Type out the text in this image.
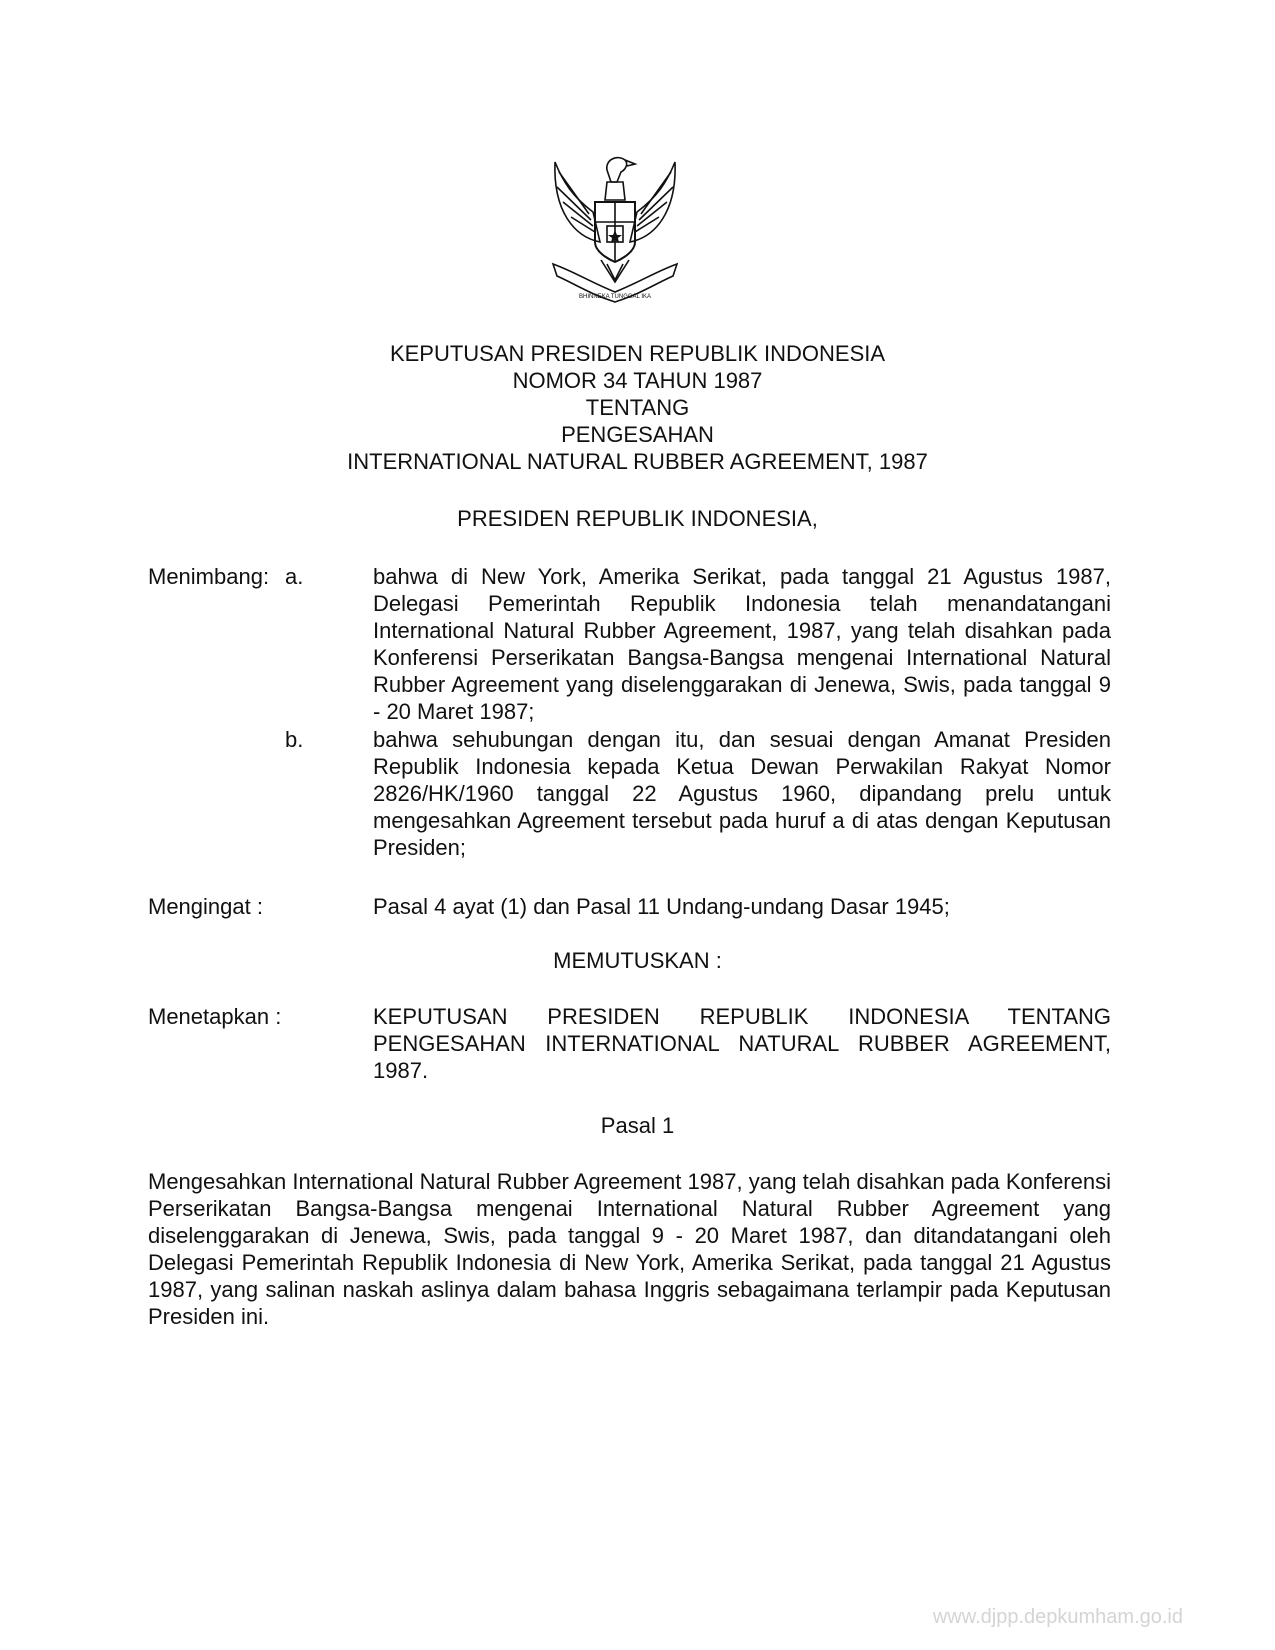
BHINNEKA TUNGGAL IKA
KEPUTUSAN PRESIDEN REPUBLIK INDONESIA
NOMOR 34 TAHUN 1987
TENTANG
PENGESAHAN
INTERNATIONAL NATURAL RUBBER AGREEMENT, 1987
PRESIDEN REPUBLIK INDONESIA,
Menimbang: a.	bahwa di New York, Amerika Serikat, pada tanggal 21 Agustus 1987, Delegasi Pemerintah Republik Indonesia telah menandatangani International Natural Rubber Agreement, 1987, yang telah disahkan pada Konferensi Perserikatan Bangsa-Bangsa mengenai International Natural Rubber Agreement yang diselenggarakan di Jenewa, Swis, pada tanggal 9 - 20 Maret 1987;

b.	bahwa sehubungan dengan itu, dan sesuai dengan Amanat Presiden Republik Indonesia kepada Ketua Dewan Perwakilan Rakyat Nomor 2826/HK/1960 tanggal 22 Agustus 1960, dipandang prelu untuk mengesahkan Agreement tersebut pada huruf a di atas dengan Keputusan Presiden;

Mengingat :	Pasal 4 ayat (1) dan Pasal 11 Undang-undang Dasar 1945;

MEMUTUSKAN :
Menetapkan :	KEPUTUSAN PRESIDEN REPUBLIK INDONESIA TENTANG PENGESAHAN INTERNATIONAL NATURAL RUBBER AGREEMENT, 1987.

Pasal 1

Mengesahkan International Natural Rubber Agreement 1987, yang telah disahkan pada Konferensi Perserikatan Bangsa-Bangsa mengenai International Natural Rubber Agreement yang diselenggarakan di Jenewa, Swis, pada tanggal 9 - 20 Maret 1987, dan ditandatangani oleh Delegasi Pemerintah Republik Indonesia di New York, Amerika Serikat, pada tanggal 21 Agustus 1987, yang salinan naskah aslinya dalam bahasa Inggris sebagaimana terlampir pada Keputusan Presiden ini.

www.djpp.depkumham.go.id
